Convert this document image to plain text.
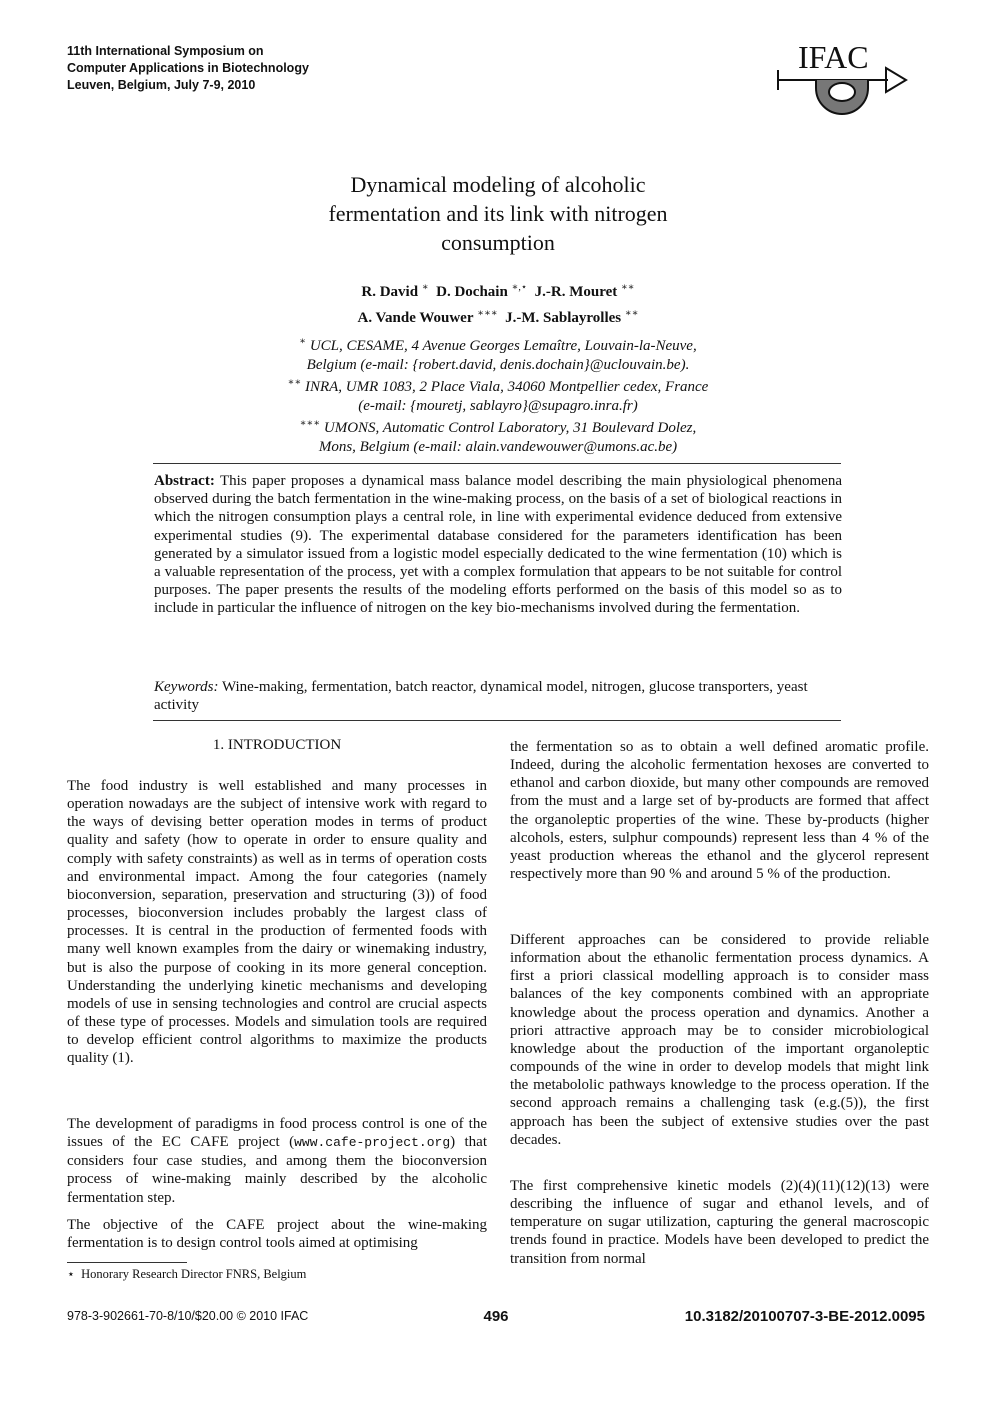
11th International Symposium on
Computer Applications in Biotechnology
Leuven, Belgium, July 7-9, 2010
IFAC
Dynamical modeling of alcoholic
fermentation and its link with nitrogen
consumption
R. David ∗ D. Dochain ∗,⋆ J.-R. Mouret ∗∗
A. Vande Wouwer ∗∗∗ J.-M. Sablayrolles ∗∗
∗ UCL, CESAME, 4 Avenue Georges Lemaître, Louvain-la-Neuve,
Belgium (e-mail: {robert.david, denis.dochain}@uclouvain.be).
∗∗ INRA, UMR 1083, 2 Place Viala, 34060 Montpellier cedex, France
(e-mail: {mouretj, sablayro}@supagro.inra.fr)
∗∗∗ UMONS, Automatic Control Laboratory, 31 Boulevard Dolez,
Mons, Belgium (e-mail: alain.vandewouwer@umons.ac.be)
Abstract: This paper proposes a dynamical mass balance model describing the main physiological phenomena observed during the batch fermentation in the wine-making process, on the basis of a set of biological reactions in which the nitrogen consumption plays a central role, in line with experimental evidence deduced from extensive experimental studies (9). The experimental database considered for the parameters identification has been generated by a simulator issued from a logistic model especially dedicated to the wine fermentation (10) which is a valuable representation of the process, yet with a complex formulation that appears to be not suitable for control purposes. The paper presents the results of the modeling efforts performed on the basis of this model so as to include in particular the influence of nitrogen on the key bio-mechanisms involved during the fermentation.
Keywords: Wine-making, fermentation, batch reactor, dynamical model, nitrogen, glucose transporters, yeast activity
1. INTRODUCTION

The food industry is well established and many processes in operation nowadays are the subject of intensive work with regard to the ways of devising better operation modes in terms of product quality and safety (how to operate in order to ensure quality and comply with safety constraints) as well as in terms of operation costs and environmental impact. Among the four categories (namely bioconversion, separation, preservation and structuring (3)) of food processes, bioconversion includes probably the largest class of processes. It is central in the production of fermented foods with many well known examples from the dairy or winemaking industry, but is also the purpose of cooking in its more general conception. Understanding the underlying kinetic mechanisms and developing models of use in sensing technologies and control are crucial aspects of these type of processes. Models and simulation tools are required to develop efficient control algorithms to maximize the products quality (1).

The development of paradigms in food process control is one of the issues of the EC CAFE project (www.cafe-project.org) that considers four case studies, and among them the bioconversion process of wine-making mainly described by the alcoholic fermentation step.

The objective of the CAFE project about the wine-making fermentation is to design control tools aimed at optimising

the fermentation so as to obtain a well defined aromatic profile. Indeed, during the alcoholic fermentation hexoses are converted to ethanol and carbon dioxide, but many other compounds are removed from the must and a large set of by-products are formed that affect the organoleptic properties of the wine. These by-products (higher alcohols, esters, sulphur compounds) represent less than 4 % of the yeast production whereas the ethanol and the glycerol represent respectively more than 90 % and around 5 % of the production.

Different approaches can be considered to provide reliable information about the ethanolic fermentation process dynamics. A first a priori classical modelling approach is to consider mass balances of the key components combined with an appropriate knowledge about the process operation and dynamics. Another a priori attractive approach may be to consider microbiological knowledge about the production of the important organoleptic compounds of the wine in order to develop models that might link the metabololic pathways knowledge to the process operation. If the second approach remains a challenging task (e.g.(5)), the first approach has been the subject of extensive studies over the past decades.

The first comprehensive kinetic models (2)(4)(11)(12)(13) were describing the influence of sugar and ethanol levels, and of temperature on sugar utilization, capturing the general macroscopic trends found in practice. Models have been developed to predict the transition from normal

⋆ Honorary Research Director FNRS, Belgium
978-3-902661-70-8/10/$20.00 © 2010 IFAC	496	10.3182/20100707-3-BE-2012.0095
